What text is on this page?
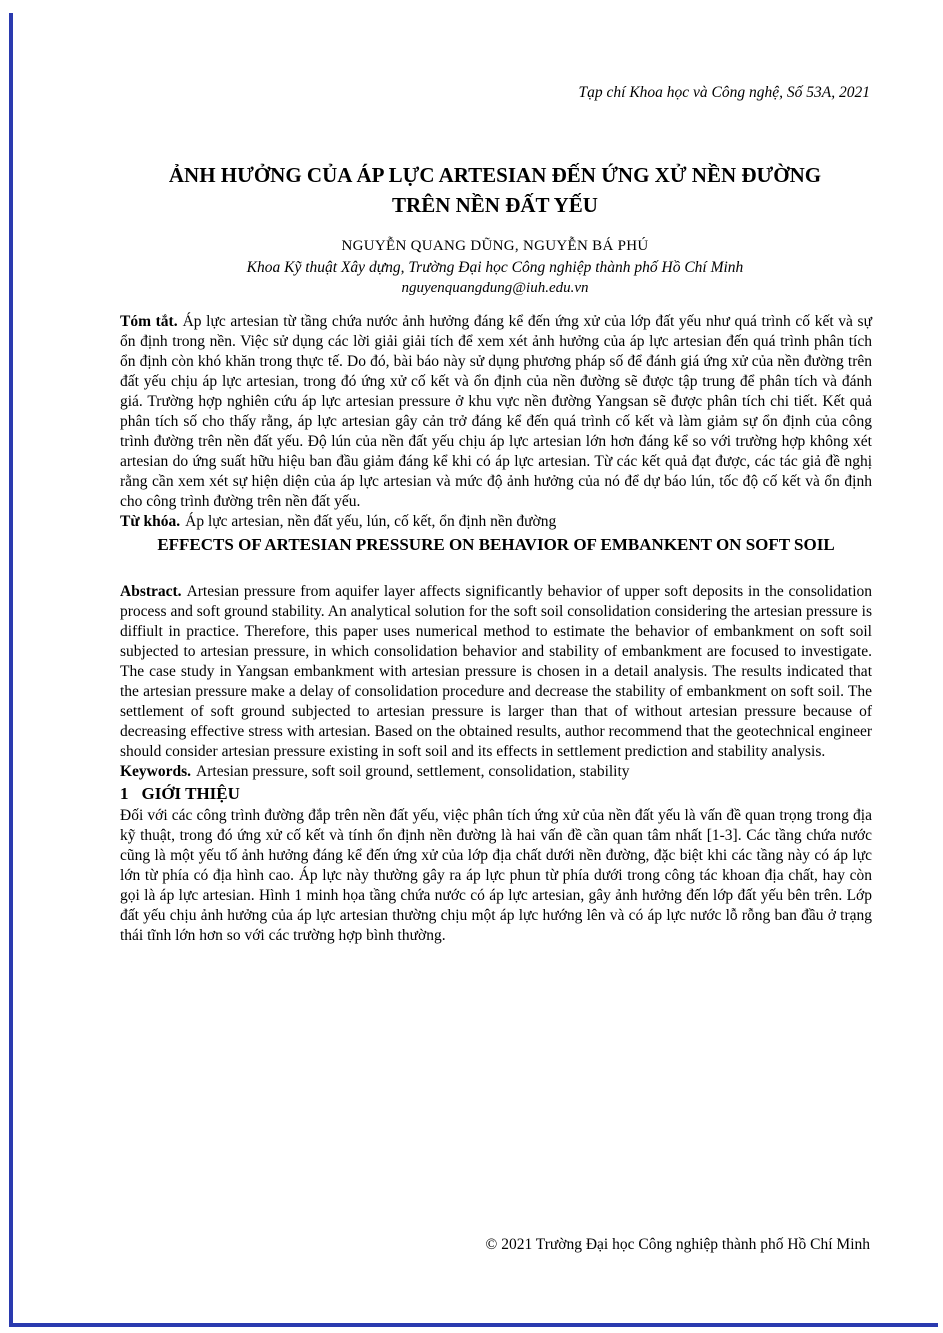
Tạp chí Khoa học và Công nghệ, Số 53A, 2021
ẢNH HƯỞNG CỦA ÁP LỰC ARTESIAN ĐẾN ỨNG XỬ NỀN ĐƯỜNG
TRÊN NỀN ĐẤT YẾU
NGUYỄN QUANG DŨNG, NGUYỄN BÁ PHÚ
Khoa Kỹ thuật Xây dựng, Trường Đại học Công nghiệp thành phố Hồ Chí Minh
nguyenquangdung@iuh.edu.vn

Tóm tắt. Áp lực artesian từ tầng chứa nước ảnh hưởng đáng kể đến ứng xử của lớp đất yếu như quá trình cố kết và sự ổn định trong nền. Việc sử dụng các lời giải giải tích để xem xét ảnh hưởng của áp lực artesian đến quá trình phân tích ổn định còn khó khăn trong thực tế. Do đó, bài báo này sử dụng phương pháp số để đánh giá ứng xử của nền đường trên đất yếu chịu áp lực artesian, trong đó ứng xử cố kết và ổn định của nền đường sẽ được tập trung để phân tích và đánh giá. Trường hợp nghiên cứu áp lực artesian pressure ở khu vực nền đường Yangsan sẽ được phân tích chi tiết. Kết quả phân tích số cho thấy rằng, áp lực artesian gây cản trở đáng kể đến quá trình cố kết và làm giảm sự ổn định của công trình đường trên nền đất yếu. Độ lún của nền đất yếu chịu áp lực artesian lớn hơn đáng kể so với trường hợp không xét artesian do ứng suất hữu hiệu ban đầu giảm đáng kể khi có áp lực artesian. Từ các kết quả đạt được, các tác giả đề nghị rằng cần xem xét sự hiện diện của áp lực artesian và mức độ ảnh hưởng của nó để dự báo lún, tốc độ cố kết và ổn định cho công trình đường trên nền đất yếu.

Từ khóa. Áp lực artesian, nền đất yếu, lún, cố kết, ổn định nền đường

EFFECTS OF ARTESIAN PRESSURE ON BEHAVIOR OF EMBANKENT ON SOFT SOIL

Abstract. Artesian pressure from aquifer layer affects significantly behavior of upper soft deposits in the consolidation process and soft ground stability. An analytical solution for the soft soil consolidation considering the artesian pressure is diffiult in practice. Therefore, this paper uses numerical method to estimate the behavior of embankment on soft soil subjected to artesian pressure, in which consolidation behavior and stability of embankment are focused to investigate. The case study in Yangsan embankment with artesian pressure is chosen in a detail analysis. The results indicated that the artesian pressure make a delay of consolidation procedure and decrease the stability of embankment on soft soil. The settlement of soft ground subjected to artesian pressure is larger than that of without artesian pressure because of decreasing effective stress with artesian. Based on the obtained results, author recommend that the geotechnical engineer should consider artesian pressure existing in soft soil and its effects in settlement prediction and stability analysis.

Keywords. Artesian pressure, soft soil ground, settlement, consolidation, stability

1 GIỚI THIỆU

Đối với các công trình đường đắp trên nền đất yếu, việc phân tích ứng xử của nền đất yếu là vấn đề quan trọng trong địa kỹ thuật, trong đó ứng xử cố kết và tính ổn định nền đường là hai vấn đề cần quan tâm nhất [1-3]. Các tầng chứa nước cũng là một yếu tố ảnh hưởng đáng kể đến ứng xử của lớp địa chất dưới nền đường, đặc biệt khi các tầng này có áp lực lớn từ phía có địa hình cao. Áp lực này thường gây ra áp lực phun từ phía dưới trong công tác khoan địa chất, hay còn gọi là áp lực artesian. Hình 1 minh họa tầng chứa nước có áp lực artesian, gây ảnh hưởng đến lớp đất yếu bên trên. Lớp đất yếu chịu ảnh hưởng của áp lực artesian thường chịu một áp lực hướng lên và có áp lực nước lỗ rỗng ban đầu ở trạng thái tĩnh lớn hơn so với các trường hợp bình thường.

© 2021 Trường Đại học Công nghiệp thành phố Hồ Chí Minh
